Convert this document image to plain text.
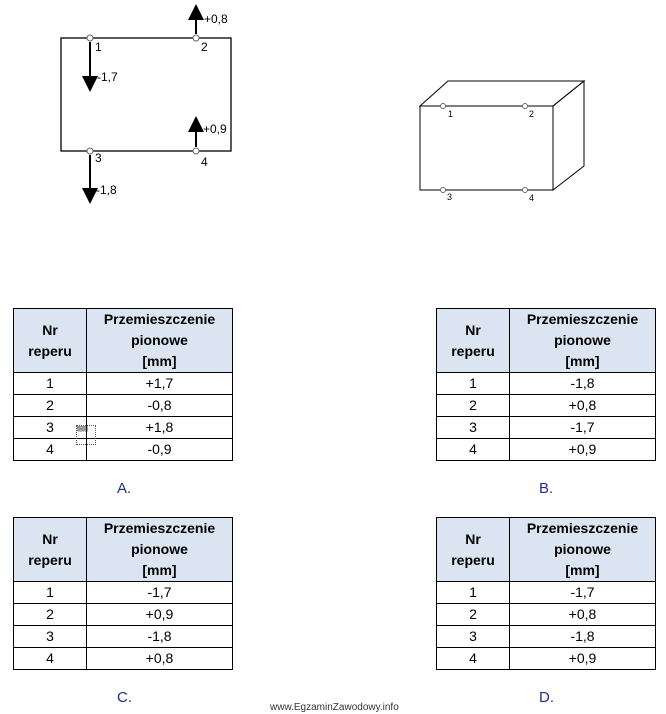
1	2
3	4
-1,7
+0,8
-1,8
+0,9
1	2
3	4
Nr
reperu	Przemieszczenie
pionowe
[mm]
1	+1,7
2	-0,8
3	+1,8
4	-0,9
▒▒▒
A.
Nr
reperu	Przemieszczenie
pionowe
[mm]
1	-1,8
2	+0,8
3	-1,7
4	+0,9
B.
Nr
reperu	Przemieszczenie
pionowe
[mm]
1	-1,7
2	+0,9
3	-1,8
4	+0,8
C.
Nr
reperu	Przemieszczenie
pionowe
[mm]
1	-1,7
2	+0,8
3	-1,8
4	+0,9
D.
www.EgzaminZawodowy.info
